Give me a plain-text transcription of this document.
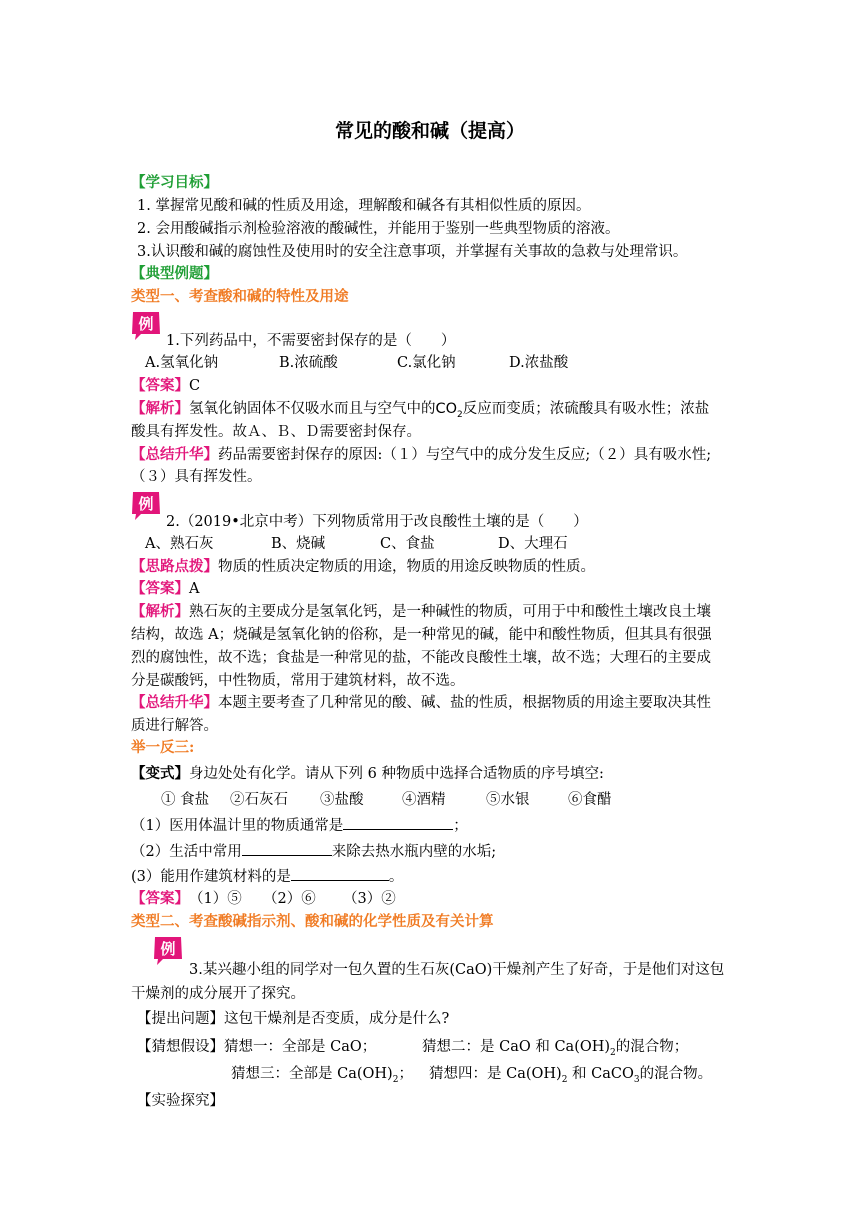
常见的酸和碱（提高）
【学习目标】
1. 掌握常见酸和碱的性质及用途，理解酸和碱各有其相似性质的原因。
2. 会用酸碱指示剂检验溶液的酸碱性，并能用于鉴别一些典型物质的溶液。
3.认识酸和碱的腐蚀性及使用时的安全注意事项，并掌握有关事故的急救与处理常识。
【典型例题】
类型一、考查酸和碱的特性及用途
例
1.下列药品中，不需要密封保存的是（　　）
A.氢氧化钠	B.浓硫酸	C.氯化钠	D.浓盐酸
【答案】C
【解析】氢氧化钠固体不仅吸水而且与空气中的$CO_2$反应而变质；浓硫酸具有吸水性；浓盐
酸具有挥发性。故Ａ、Ｂ、Ｄ需要密封保存。
【总结升华】药品需要密封保存的原因:（１）与空气中的成分发生反应;（２）具有吸水性;
（３）具有挥发性。
例
2.（2019•北京中考）下列物质常用于改良酸性土壤的是（　　）
A、熟石灰	B、烧碱	C、食盐	D、大理石
【思路点拨】物质的性质决定物质的用途，物质的用途反映物质的性质。
【答案】A
【解析】熟石灰的主要成分是氢氧化钙，是一种碱性的物质，可用于中和酸性土壤改良土壤
结构，故选 A；烧碱是氢氧化钠的俗称，是一种常见的碱，能中和酸性物质，但其具有很强
烈的腐蚀性，故不选；食盐是一种常见的盐，不能改良酸性土壤，故不选；大理石的主要成
分是碳酸钙，中性物质，常用于建筑材料，故不选。
【总结升华】本题主要考查了几种常见的酸、碱、盐的性质，根据物质的用途主要取决其性
质进行解答。
举一反三:
【变式】身边处处有化学。请从下列 6 种物质中选择合适物质的序号填空:
① 食盐 ②石灰石 ③盐酸	④酒精	⑤水银	⑥食醋
（1）医用体温计里的物质通常是	；
（2）生活中常用	来除去热水瓶内壁的水垢;
(3）能用作建筑材料的是	。
【答案】（1）⑤ （2）⑥ （3）②
类型二、考查酸碱指示剂、酸和碱的化学性质及有关计算
例
3.某兴趣小组的同学对一包久置的生石灰(CaO)干燥剂产生了好奇，于是他们对这包
干燥剂的成分展开了探究。
【提出问题】这包干燥剂是否变质，成分是什么?
【猜想假设】猜想一：全部是 CaO；	猜想二：是 CaO 和 $Ca(OH)_2$的混合物；
猜想三：全部是 $Ca(OH)_2$； 猜想四：是 $Ca(OH)_2$ 和 CaCO$_3$的混合物。
【实验探究】
